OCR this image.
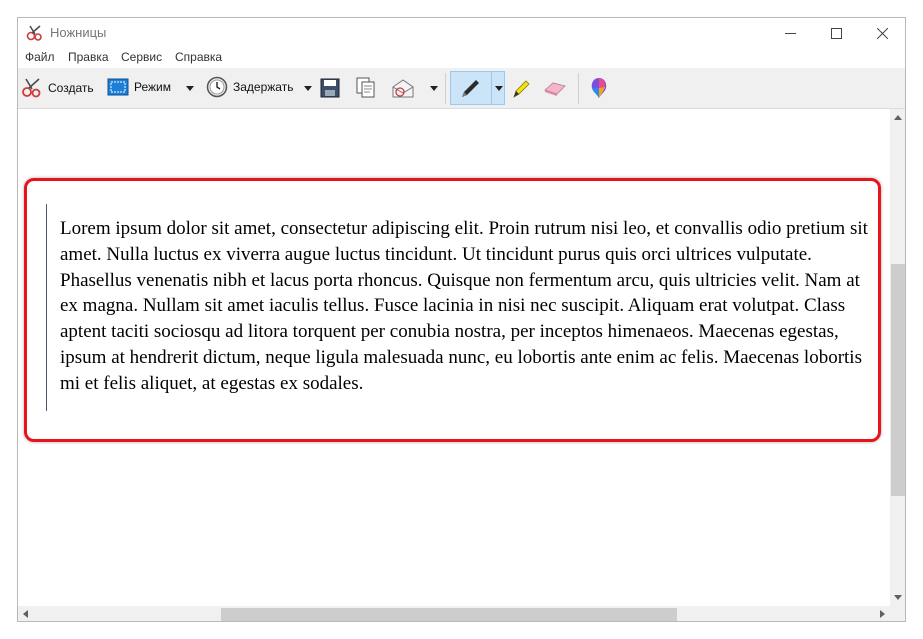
Ножницы
Файл Правка Сервис Справка
Создать	Режим	Задержать
Lorem ipsum dolor sit amet, consectetur adipiscing elit. Proin rutrum nisi leo, et convallis odio pretium sit amet. Nulla luctus ex viverra augue luctus tincidunt. Ut tincidunt purus quis orci ultrices vulputate. Phasellus venenatis nibh et lacus porta rhoncus. Quisque non fermentum arcu, quis ultricies velit. Nam at ex magna. Nullam sit amet iaculis tellus. Fusce lacinia in nisi nec suscipit. Aliquam erat volutpat. Class aptent taciti sociosqu ad litora torquent per conubia nostra, per inceptos himenaeos. Maecenas egestas, ipsum at hendrerit dictum, neque ligula malesuada nunc, eu lobortis ante enim ac felis. Maecenas lobortis mi et felis aliquet, at egestas ex sodales.
